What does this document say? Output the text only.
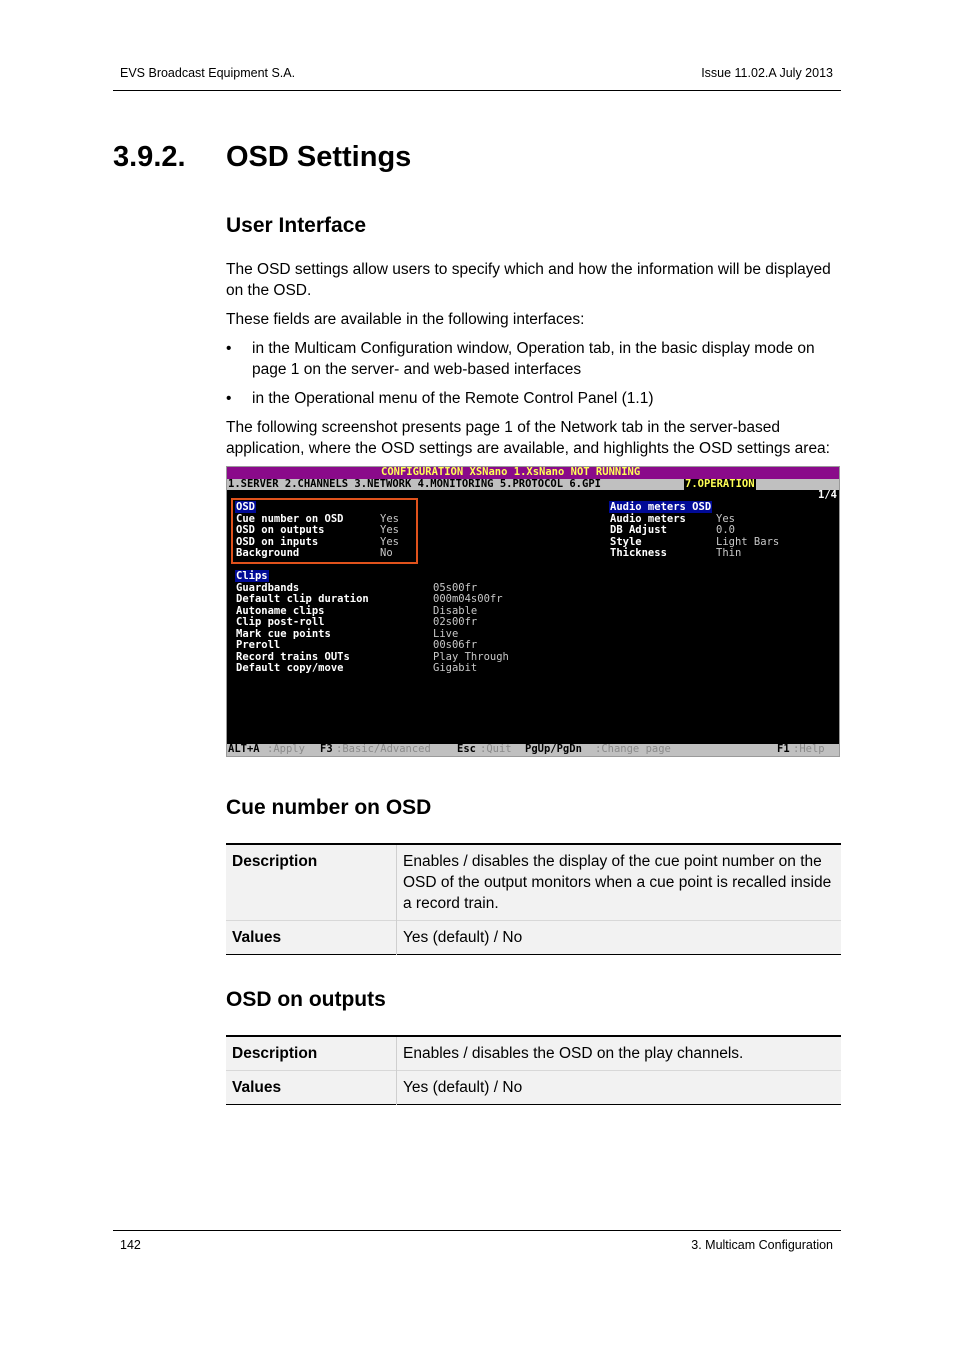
EVS Broadcast Equipment S.A.	Issue 11.02.A July 2013
3.9.2. OSD Settings
User Interface

The OSD settings allow users to specify which and how the information will be displayed on the OSD.

These fields are available in the following interfaces:

• in the Multicam Configuration window, Operation tab, in the basic display mode on page 1 on the server- and web-based interfaces
• in the Operational menu of the Remote Control Panel (1.1)

The following screenshot presents page 1 of the Network tab in the server-based application, where the OSD settings are available, and highlights the OSD settings area:

CONFIGURATION XSNano 1.XsNano NOT RUNNING
1.SERVER 2.CHANNELS 3.NETWORK 4.MONITORING 5.PROTOCOL 6.GPI	7.OPERATION
1/4
OSD
Cue number on OSD	Yes
OSD on outputs	Yes
OSD on inputs	Yes
Background	No
Audio meters OSD
Audio meters	Yes
DB Adjust	0.0
Style	Light Bars
Thickness	Thin
Clips
Guardbands	05s00fr
Default clip duration	000m04s00fr
Autoname clips	Disable
Clip post-roll	02s00fr
Mark cue points	Live
Preroll	00s06fr
Record trains OUTs	Play Through
Default copy/move	Gigabit
ALT+A :Apply F3 :Basic/Advanced Esc :Quit PgUp/PgDn :Change page	F1 :Help
Cue number on OSD
Description	Enables / disables the display of the cue point number on the OSD of the output monitors when a cue point is recalled inside a record train.
Values	Yes (default) / No
OSD on outputs
Description	Enables / disables the OSD on the play channels.
Values	Yes (default) / No
142	3. Multicam Configuration
